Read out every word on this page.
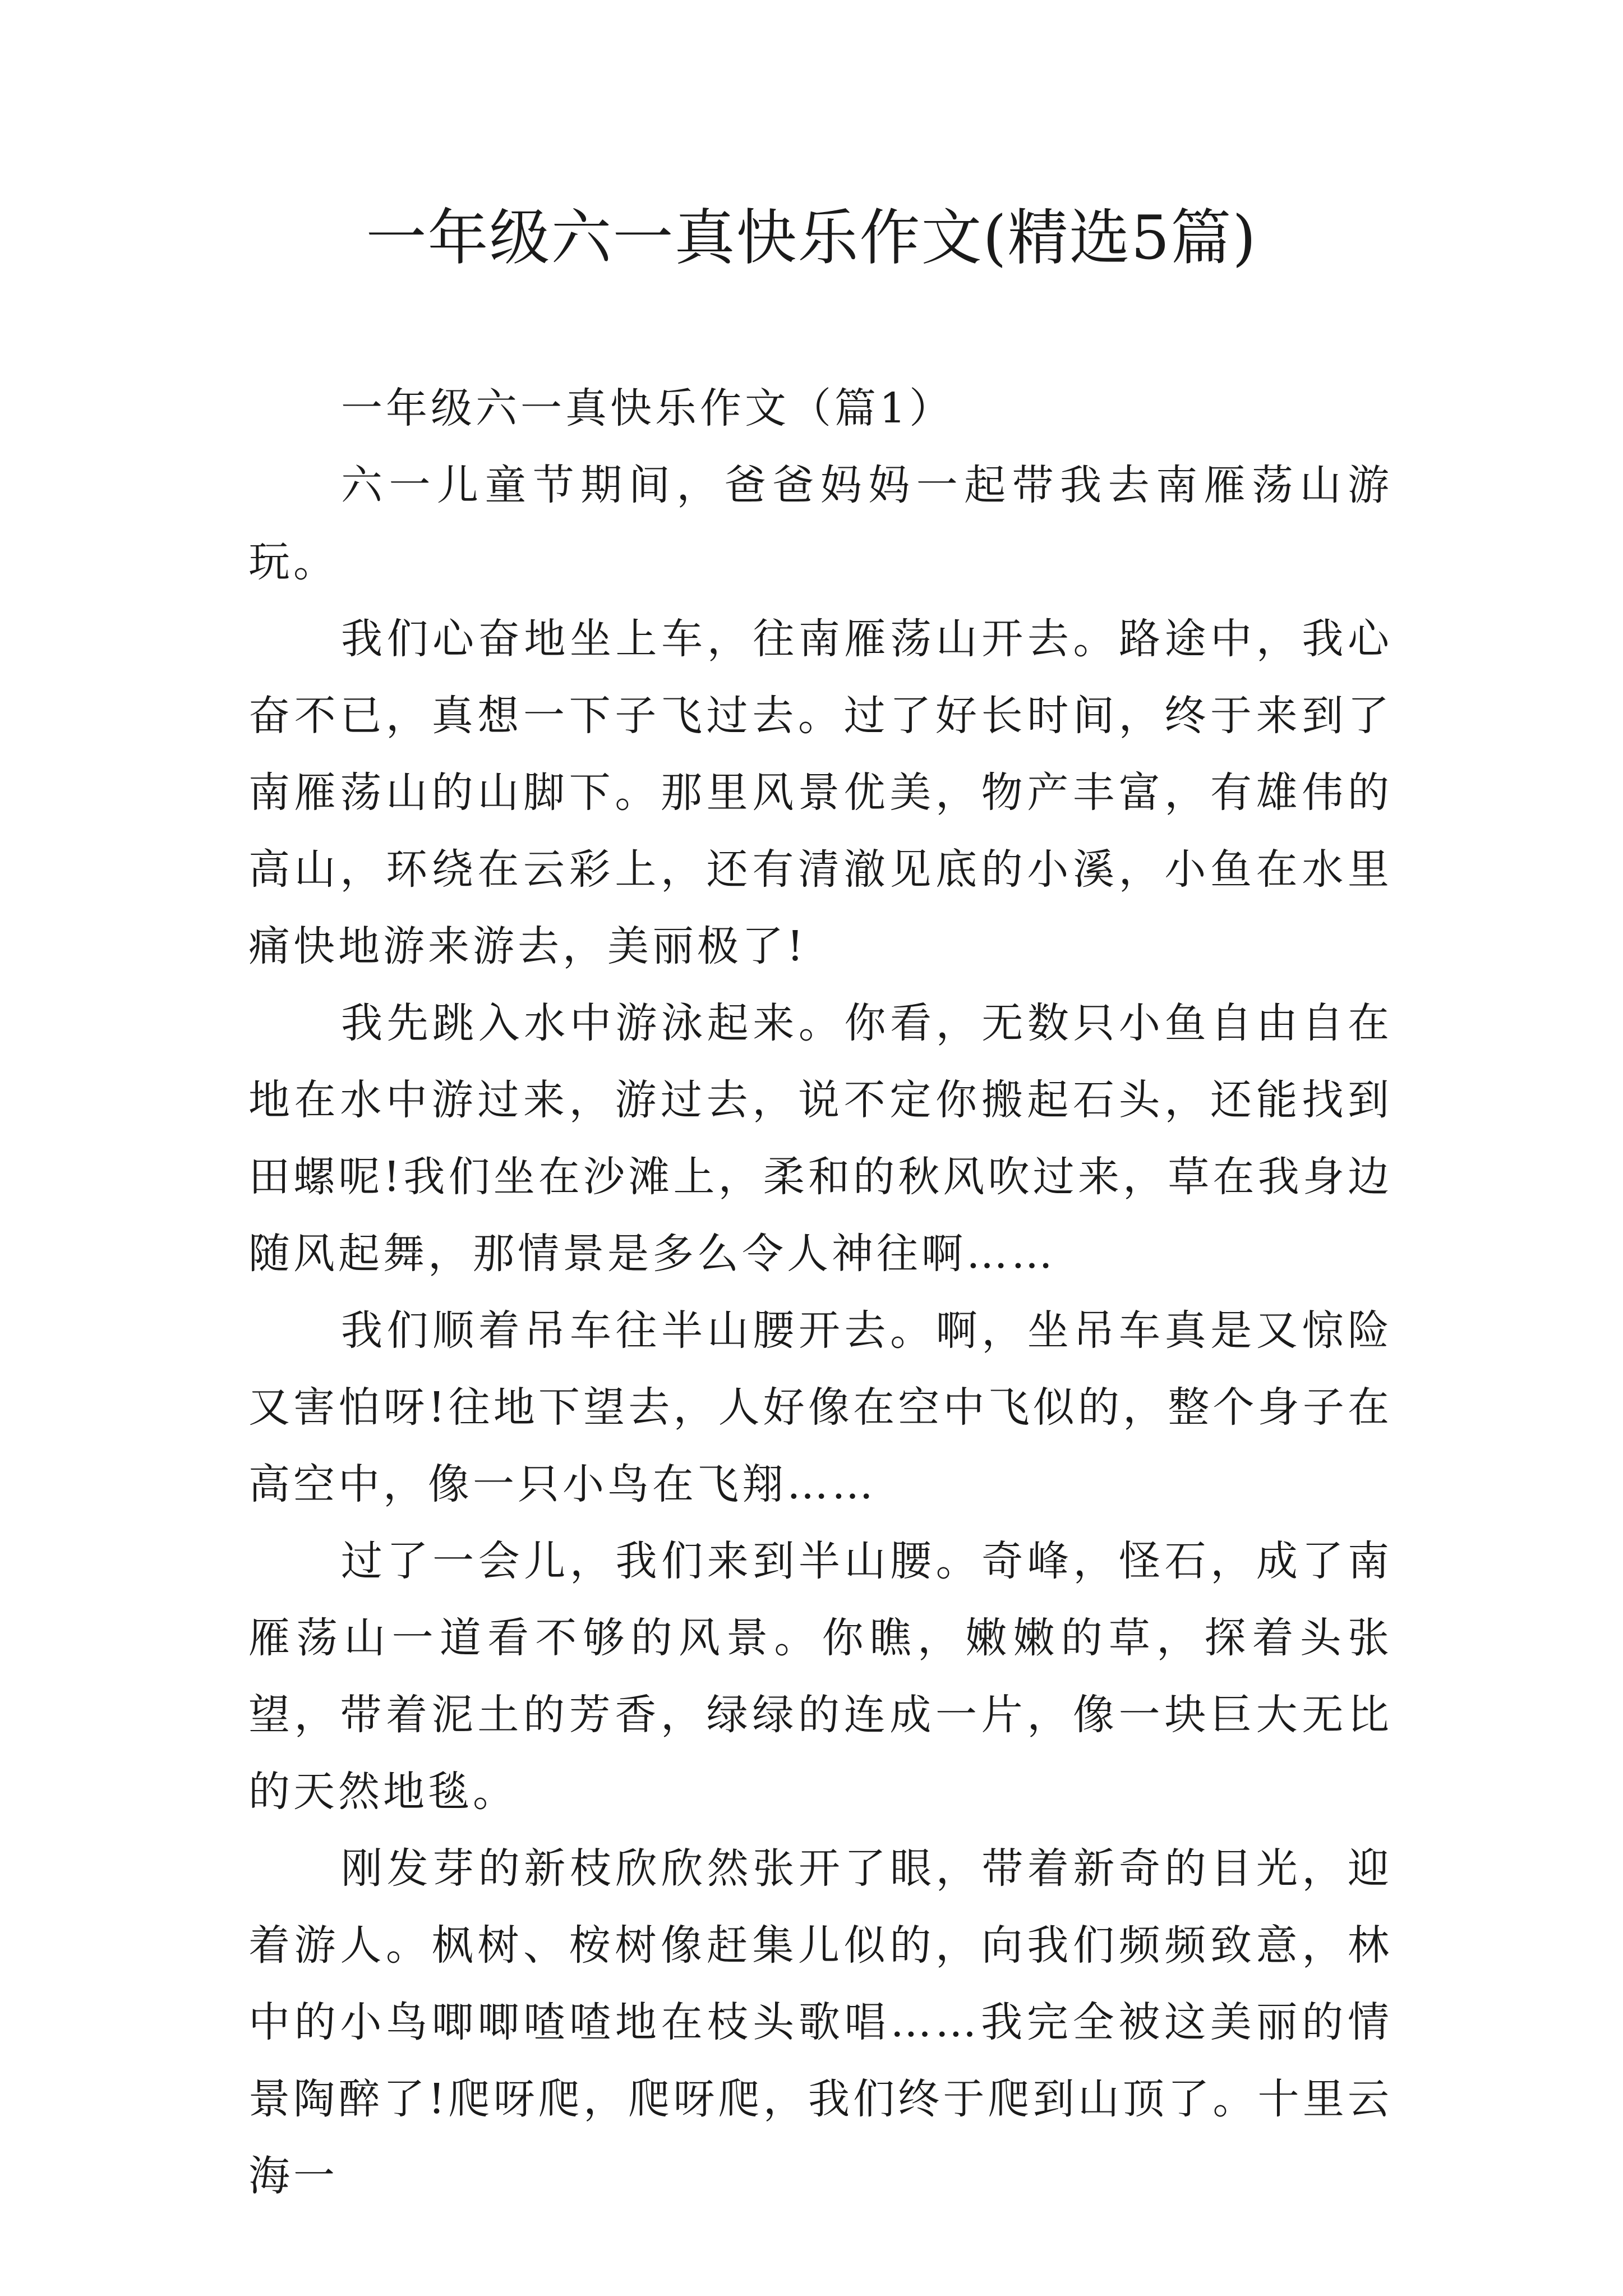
一年级六一真快乐作文(精选5篇)

一年级六一真快乐作文（篇1）

六一儿童节期间，爸爸妈妈一起带我去南雁荡山游玩。

我们心奋地坐上车，往南雁荡山开去。路途中，我心奋不已，真想一下子飞过去。过了好长时间，终于来到了南雁荡山的山脚下。那里风景优美，物产丰富，有雄伟的高山，环绕在云彩上，还有清澈见底的小溪，小鱼在水里痛快地游来游去，美丽极了!

我先跳入水中游泳起来。你看，无数只小鱼自由自在地在水中游过来，游过去，说不定你搬起石头，还能找到田螺呢!我们坐在沙滩上，柔和的秋风吹过来，草在我身边随风起舞，那情景是多么令人神往啊……

我们顺着吊车往半山腰开去。啊，坐吊车真是又惊险又害怕呀!往地下望去，人好像在空中飞似的，整个身子在高空中，像一只小鸟在飞翔……

过了一会儿，我们来到半山腰。奇峰，怪石，成了南雁荡山一道看不够的风景。你瞧，嫩嫩的草，探着头张望，带着泥土的芳香，绿绿的连成一片，像一块巨大无比的天然地毯。

刚发芽的新枝欣欣然张开了眼，带着新奇的目光，迎着游人。枫树、桉树像赶集儿似的，向我们频频致意，林中的小鸟唧唧喳喳地在枝头歌唱……我完全被这美丽的情景陶醉了!爬呀爬，爬呀爬，我们终于爬到山顶了。十里云海一
